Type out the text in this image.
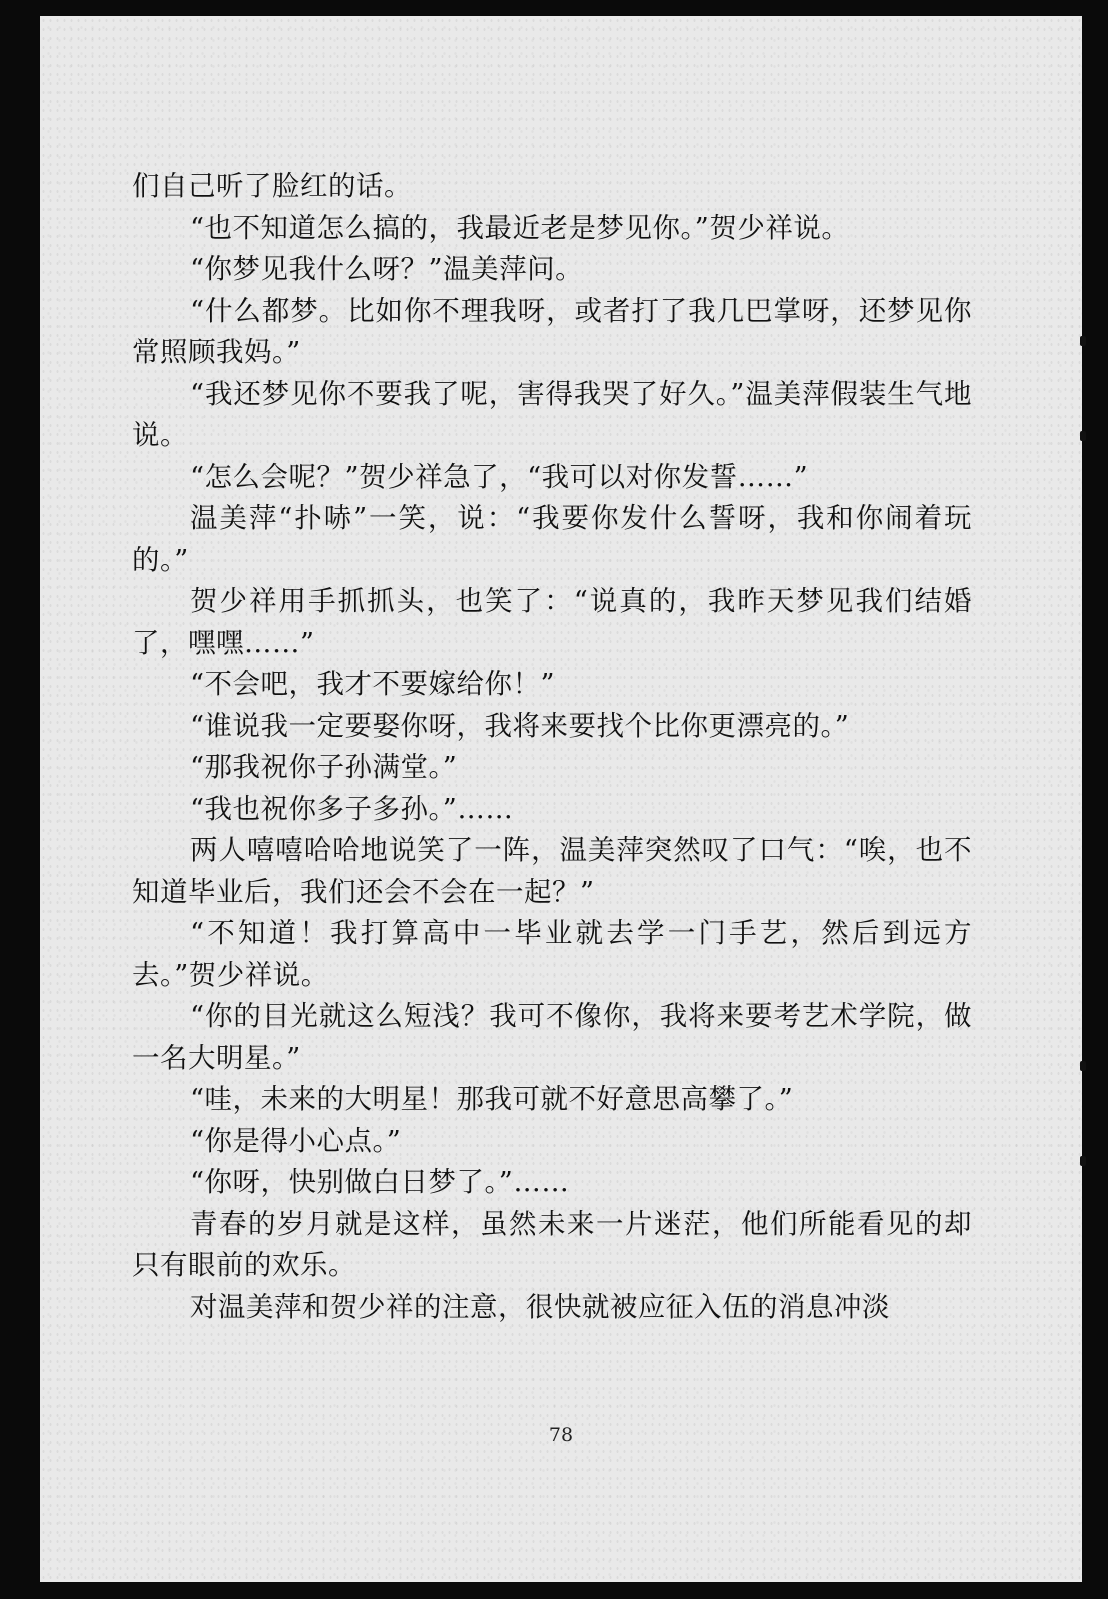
们自己听了脸红的话。

“也不知道怎么搞的，我最近老是梦见你。”贺少祥说。

“你梦见我什么呀？”温美萍问。

“什么都梦。比如你不理我呀，或者打了我几巴掌呀，还梦见你常照顾我妈。”

“我还梦见你不要我了呢，害得我哭了好久。”温美萍假装生气地说。

“怎么会呢？”贺少祥急了，“我可以对你发誓……”

温美萍“扑哧”一笑，说：“我要你发什么誓呀，我和你闹着玩的。”

贺少祥用手抓抓头，也笑了：“说真的，我昨天梦见我们结婚了，嘿嘿……”

“不会吧，我才不要嫁给你！”

“谁说我一定要娶你呀，我将来要找个比你更漂亮的。”

“那我祝你子孙满堂。”

“我也祝你多子多孙。”……

两人嘻嘻哈哈地说笑了一阵，温美萍突然叹了口气：“唉，也不知道毕业后，我们还会不会在一起？”

“不知道！我打算高中一毕业就去学一门手艺，然后到远方去。”贺少祥说。

“你的目光就这么短浅？我可不像你，我将来要考艺术学院，做一名大明星。”

“哇，未来的大明星！那我可就不好意思高攀了。”

“你是得小心点。”

“你呀，快别做白日梦了。”……

青春的岁月就是这样，虽然未来一片迷茫，他们所能看见的却只有眼前的欢乐。

对温美萍和贺少祥的注意，很快就被应征入伍的消息冲淡

78
